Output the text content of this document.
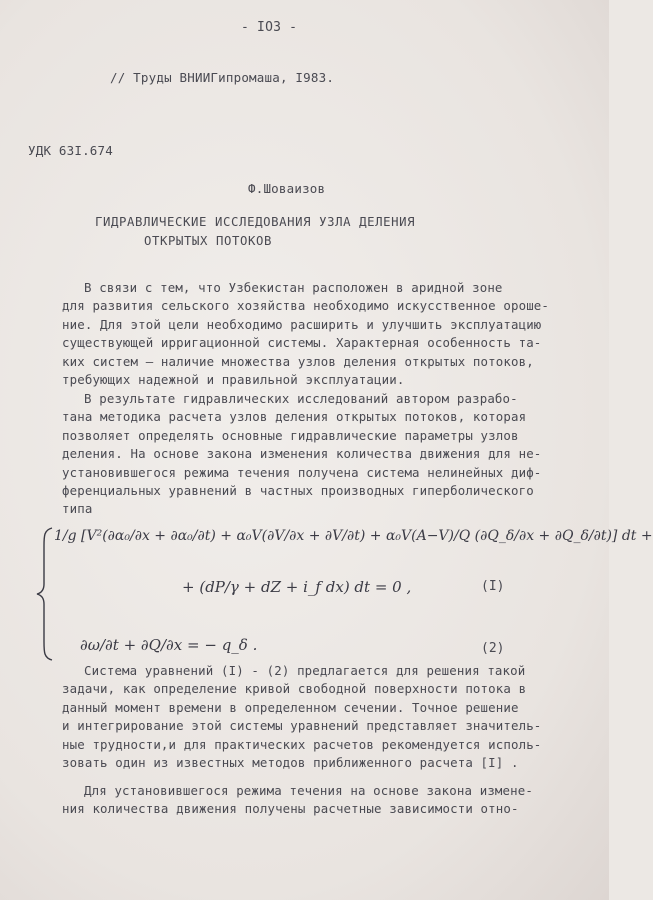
- IO3 -
// Труды ВНИИГипромаша, I983.
УДК 63I.674
Ф.Шоваизов
ГИДРАВЛИЧЕСКИЕ ИССЛЕДОВАНИЯ УЗЛА ДЕЛЕНИЯ
ОТКРЫТЫХ ПОТОКОВ
В связи с тем, что Узбекистан расположен в аридной зоне
для развития сельского хозяйства необходимо искусственное ороше-
ние. Для этой цели необходимо расширить и улучшить эксплуатацию
существующей ирригационной системы. Характерная особенность та-
ких систем – наличие множества узлов деления открытых потоков,
требующих надежной и правильной эксплуатации.
В результате гидравлических исследований автором разрабо-
тана методика расчета узлов деления открытых потоков, которая
позволяет определять основные гидравлические параметры узлов
деления. На основе закона изменения количества движения для не-
установившегося режима течения получена система нелинейных диф-
ференциальных уравнений в частных производных гиперболического
типа
1/g [V²(∂α₀/∂x + ∂α₀/∂t) + α₀V(∂V/∂x + ∂V/∂t) + α₀V(A−V)/Q (∂Q_δ/∂x + ∂Q_δ/∂t)] dt +
+ (dP/γ + dZ + i_f dx) dt = 0 ,	(I)
∂ω/∂t + ∂Q/∂x = − q_δ .	(2)
Система уравнений (I) - (2) предлагается для решения такой
задачи, как определение кривой свободной поверхности потока в
данный момент времени в определенном сечении. Точное решение
и интегрирование этой системы уравнений представляет значитель-
ные трудности,и для практических расчетов рекомендуется исполь-
зовать один из известных методов приближенного расчета [I] .
Для установившегося режима течения на основе закона измене-
ния количества движения получены расчетные зависимости отно-
